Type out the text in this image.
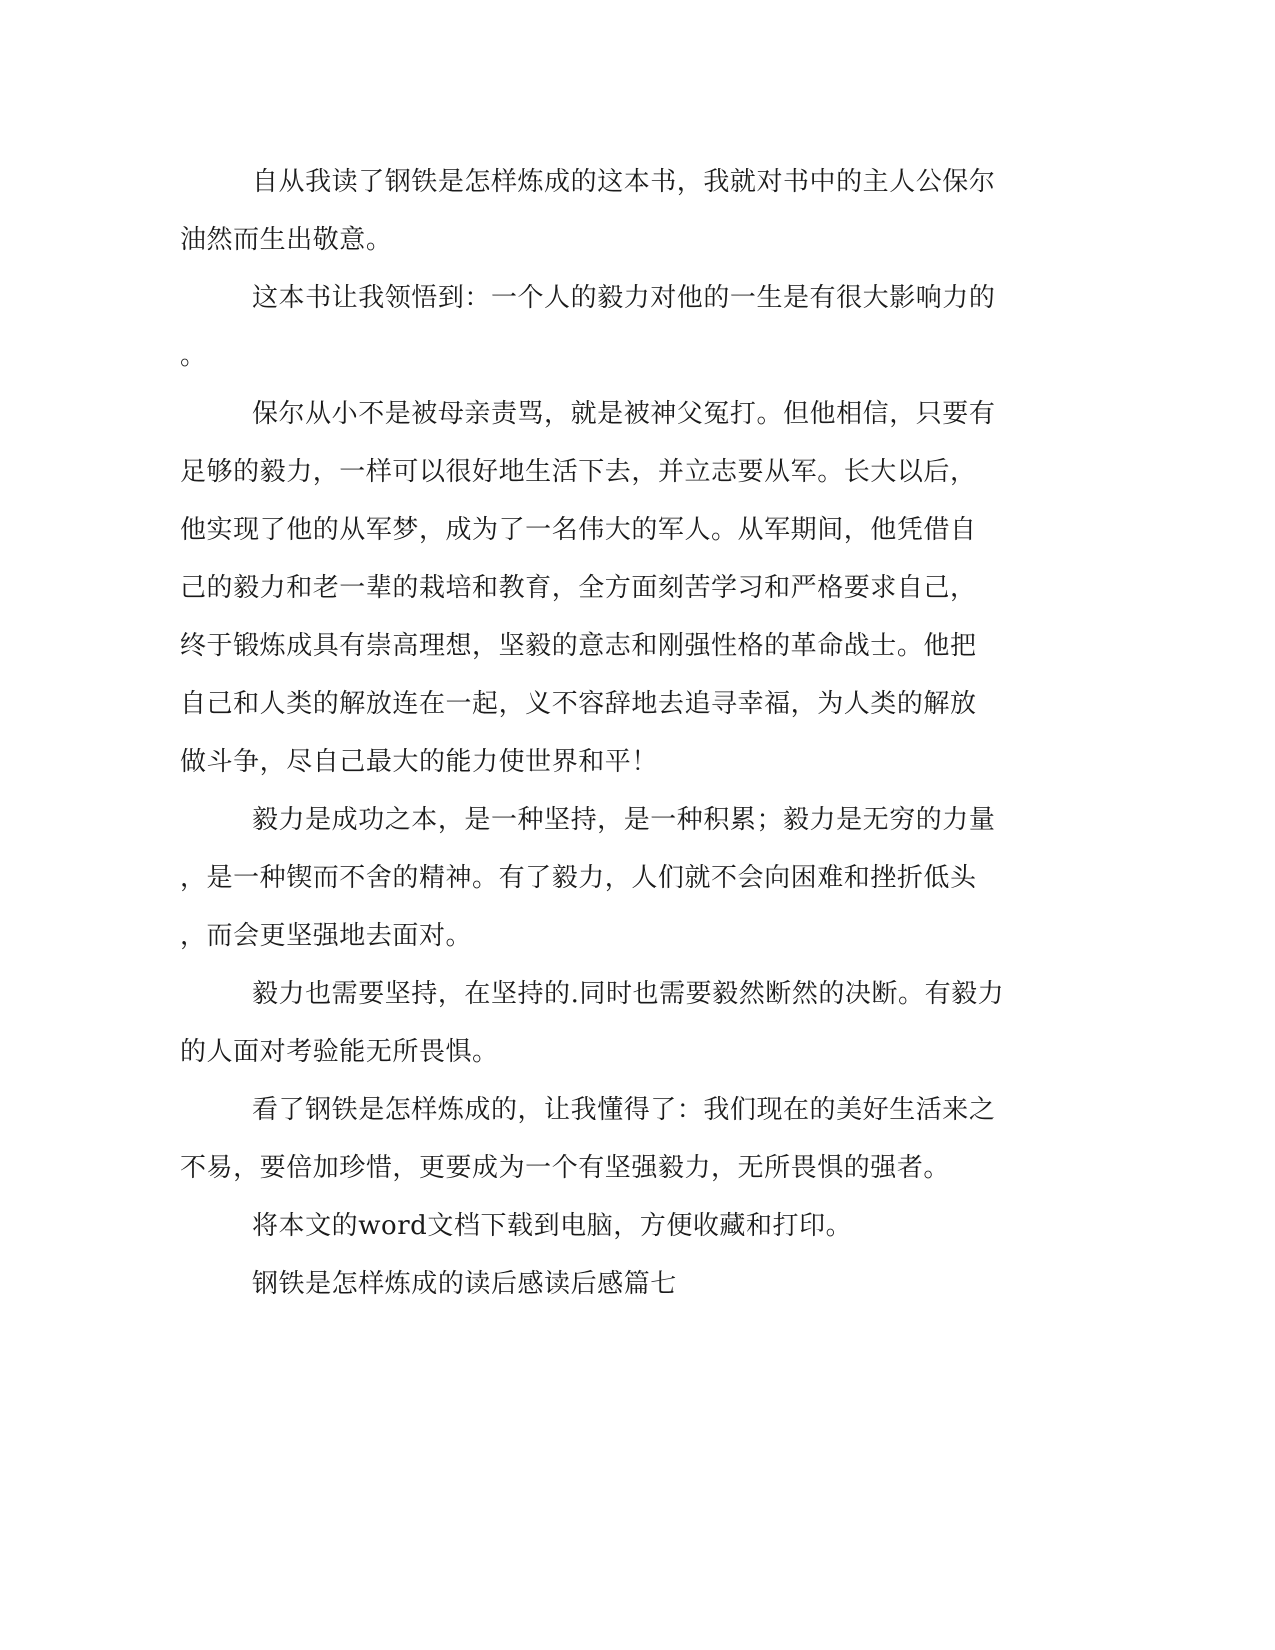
自从我读了钢铁是怎样炼成的这本书，我就对书中的主人公保尔
油然而生出敬意。
这本书让我领悟到：一个人的毅力对他的一生是有很大影响力的
。
保尔从小不是被母亲责骂，就是被神父冤打。但他相信，只要有
足够的毅力，一样可以很好地生活下去，并立志要从军。长大以后，
他实现了他的从军梦，成为了一名伟大的军人。从军期间，他凭借自
己的毅力和老一辈的栽培和教育，全方面刻苦学习和严格要求自己，
终于锻炼成具有崇高理想，坚毅的意志和刚强性格的革命战士。他把
自己和人类的解放连在一起，义不容辞地去追寻幸福，为人类的解放
做斗争，尽自己最大的能力使世界和平！
毅力是成功之本，是一种坚持，是一种积累；毅力是无穷的力量
，是一种锲而不舍的精神。有了毅力，人们就不会向困难和挫折低头
，而会更坚强地去面对。
毅力也需要坚持，在坚持的.同时也需要毅然断然的决断。有毅力
的人面对考验能无所畏惧。
看了钢铁是怎样炼成的，让我懂得了：我们现在的美好生活来之
不易，要倍加珍惜，更要成为一个有坚强毅力，无所畏惧的强者。
将本文的word文档下载到电脑，方便收藏和打印。
钢铁是怎样炼成的读后感读后感篇七
